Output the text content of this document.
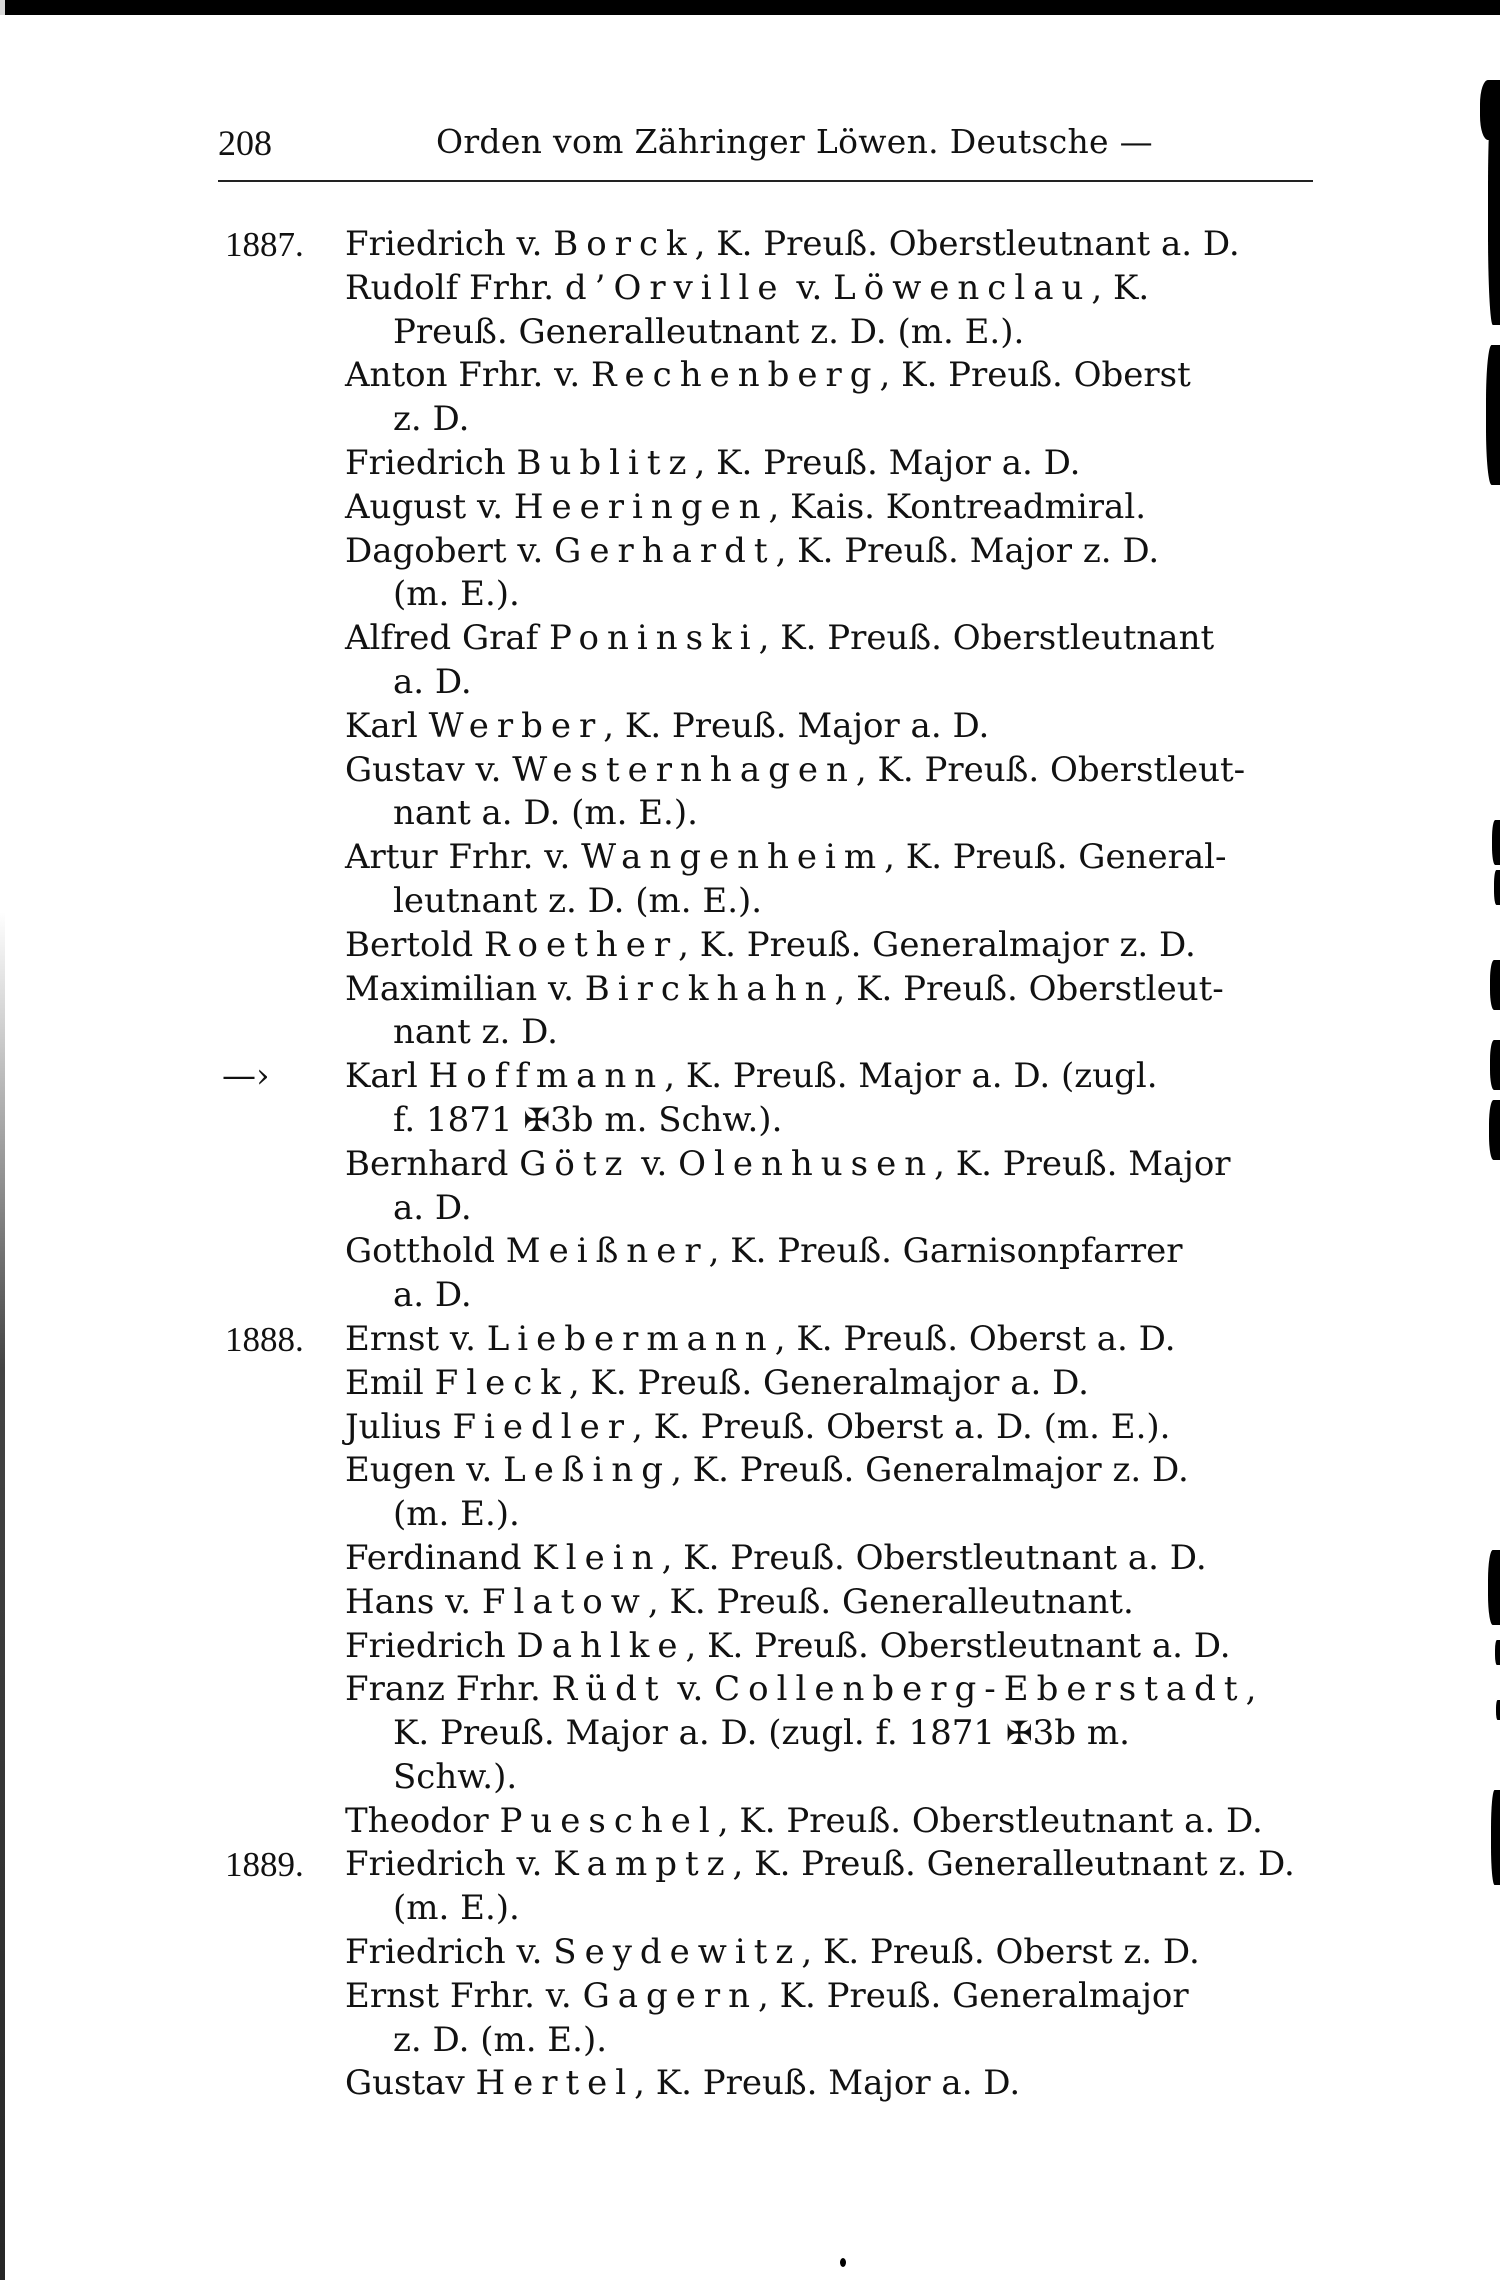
208	Orden vom Zähringer Löwen. Deutsche —
1887. Friedrich v. Borck, K. Preuß. Oberstleutnant a. D.
Rudolf Frhr. d’Orville v. Löwenclau, K.
Preuß. Generalleutnant z. D. (m. E.).
Anton Frhr. v. Rechenberg, K. Preuß. Oberst
z. D.
Friedrich Bublitz, K. Preuß. Major a. D.
August v. Heeringen, Kais. Kontreadmiral.
Dagobert v. Gerhardt, K. Preuß. Major z. D.
(m. E.).
Alfred Graf Poninski, K. Preuß. Oberstleutnant
a. D.
Karl Werber, K. Preuß. Major a. D.
Gustav v. Westernhagen, K. Preuß. Oberstleut-
nant a. D. (m. E.).
Artur Frhr. v. Wangenheim, K. Preuß. General-
leutnant z. D. (m. E.).
Bertold Roether, K. Preuß. Generalmajor z. D.
Maximilian v. Birckhahn, K. Preuß. Oberstleut-
nant z. D.
—› Karl Hoffmann, K. Preuß. Major a. D. (zugl.
f. 1871 ✠3b m. Schw.).
Bernhard Götz v. Olenhusen, K. Preuß. Major
a. D.
Gotthold Meißner, K. Preuß. Garnisonpfarrer
a. D.
1888. Ernst v. Liebermann, K. Preuß. Oberst a. D.
Emil Fleck, K. Preuß. Generalmajor a. D.
Julius Fiedler, K. Preuß. Oberst a. D. (m. E.).
Eugen v. Leßing, K. Preuß. Generalmajor z. D.
(m. E.).
Ferdinand Klein, K. Preuß. Oberstleutnant a. D.
Hans v. Flatow, K. Preuß. Generalleutnant.
Friedrich Dahlke, K. Preuß. Oberstleutnant a. D.
Franz Frhr. Rüdt v. Collenberg-Eberstadt,
K. Preuß. Major a. D. (zugl. f. 1871 ✠3b m.
Schw.).
Theodor Pueschel, K. Preuß. Oberstleutnant a. D.
1889. Friedrich v. Kamptz, K. Preuß. Generalleutnant z. D.
(m. E.).
Friedrich v. Seydewitz, K. Preuß. Oberst z. D.
Ernst Frhr. v. Gagern, K. Preuß. Generalmajor
z. D. (m. E.).
Gustav Hertel, K. Preuß. Major a. D.
